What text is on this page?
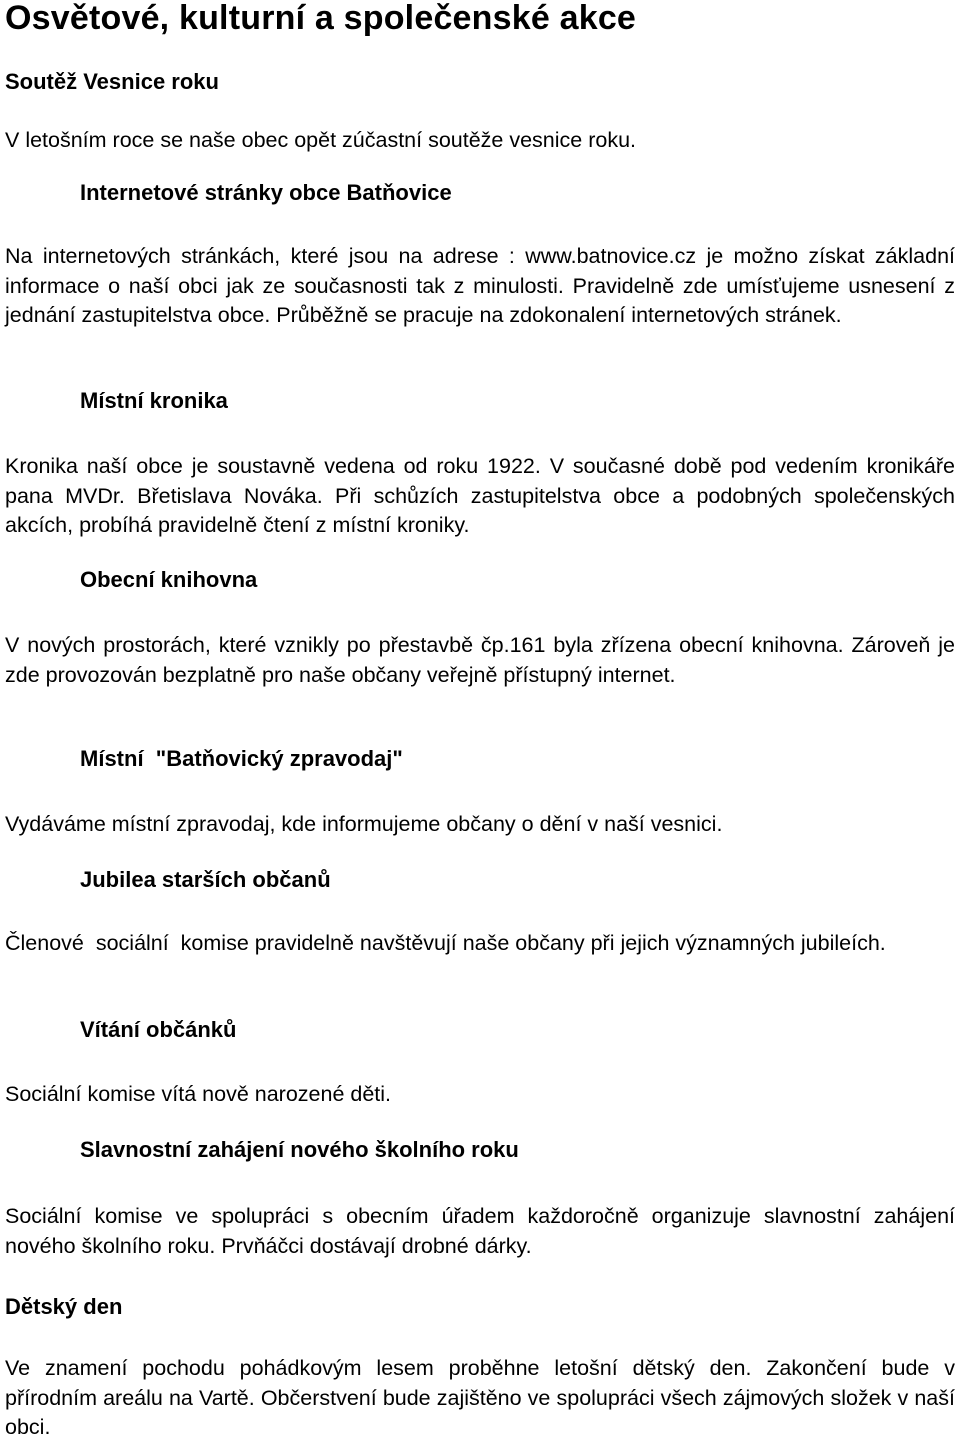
Osvětové, kulturní a společenské akce
Soutěž Vesnice roku

V letošním roce se naše obec opět zúčastní soutěže vesnice roku.

Internetové stránky obce Batňovice

Na internetových stránkách, které jsou na adrese : www.batnovice.cz je možno získat základní informace o naší obci jak ze současnosti tak z minulosti. Pravidelně zde umísťujeme usnesení z jednání zastupitelstva obce. Průběžně se pracuje na zdokonalení internetových stránek.

Místní kronika

Kronika naší obce je soustavně vedena od roku 1922. V současné době pod vedením kronikáře pana MVDr. Břetislava Nováka. Při schůzích zastupitelstva obce a podobných společenských akcích, probíhá pravidelně čtení z místní kroniky.

Obecní knihovna

V nových prostorách, které vznikly po přestavbě čp.161 byla zřízena obecní knihovna. Zároveň je zde provozován bezplatně pro naše občany veřejně přístupný internet.

Místní  "Batňovický zpravodaj"

Vydáváme místní zpravodaj, kde informujeme občany o dění v naší vesnici.

Jubilea starších občanů

Členové  sociální  komise pravidelně navštěvují naše občany při jejich významných jubileích.

Vítání občánků

Sociální komise vítá nově narozené děti.

Slavnostní zahájení nového školního roku

Sociální komise ve spolupráci s obecním úřadem každoročně organizuje slavnostní zahájení nového školního roku. Prvňáčci dostávají drobné dárky.

Dětský den

Ve znamení pochodu pohádkovým lesem proběhne letošní dětský den. Zakončení bude v přírodním areálu na Vartě. Občerstvení bude zajištěno ve spolupráci všech zájmových složek v naší obci.
